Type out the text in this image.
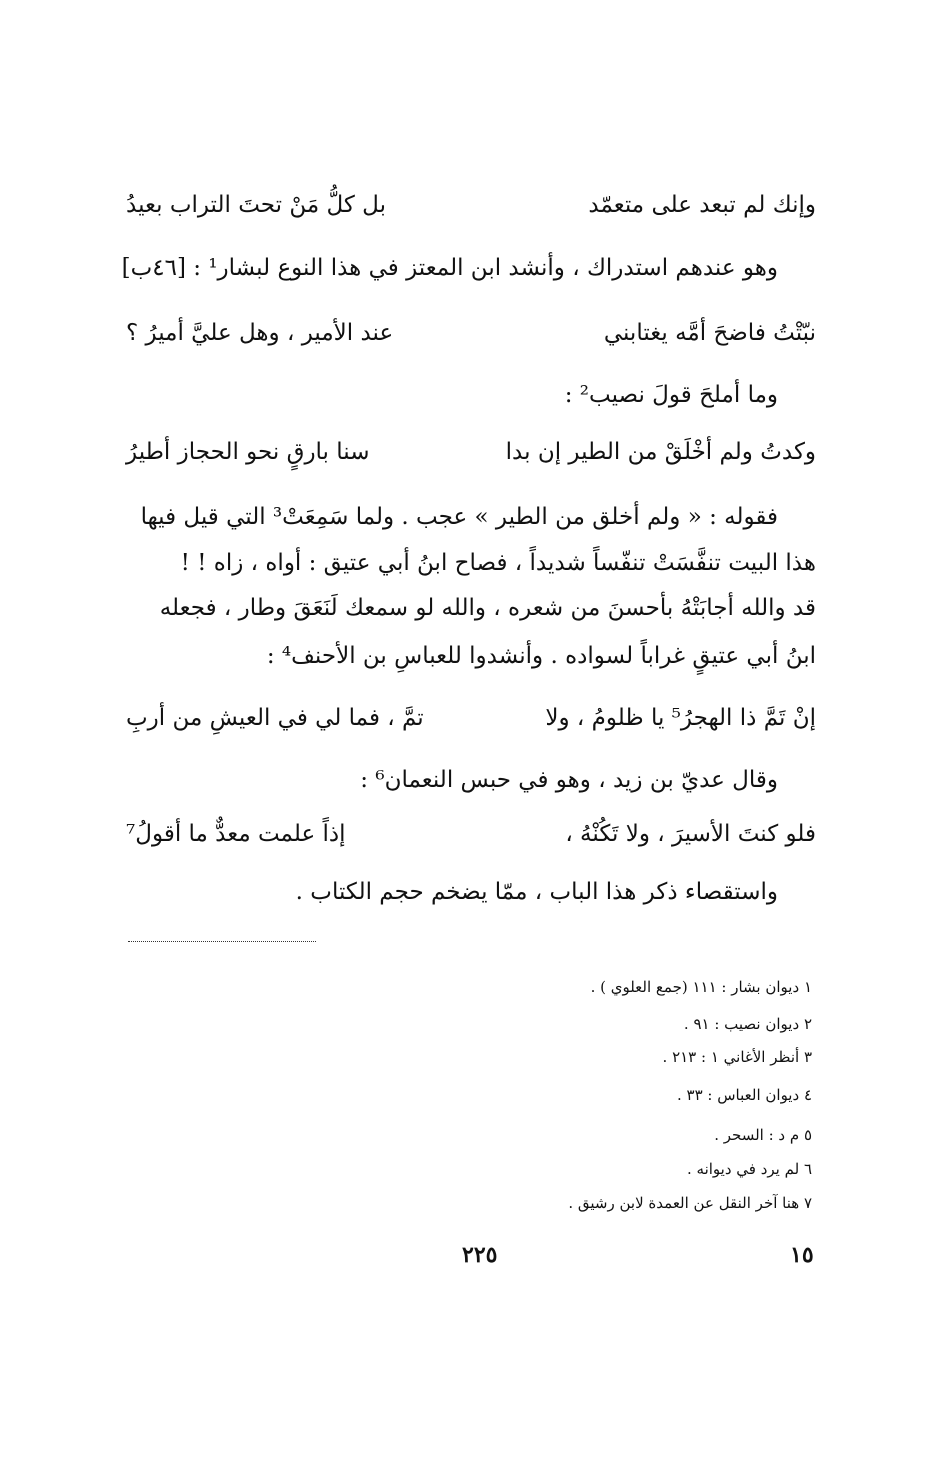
وإنك لم تبعد على متعمّد
بل كلُّ مَنْ تحتَ التراب بعيدُ
وهو عندهم استدراك ، وأنشد ابن المعتز في هذا النوع لبشار¹ : [٤٦ب]
نبّتْتُ فاضحَ أمَّه يغتابني
عند الأمير ، وهل عليَّ أميرُ ؟
وما أملحَ قولَ نصيب² :
وكدتُ ولم أخْلَقْ من الطير إن بدا
سنا بارقٍ نحو الحجاز أطيرُ
فقوله : « ولم أخلق من الطير » عجب . ولما سَمِعَتْ³ التي قيل فيها
هذا البيت تنفَّسَتْ تنفّساً شديداً ، فصاح ابنُ أبي عتيق : أواه ، زاه ! !
قد والله أجابَتْهُ بأحسنَ من شعره ، والله لو سمعك لَنَعَقَ وطار ، فجعله
ابنُ أبي عتيقٍ غراباً لسواده . وأنشدوا للعباسِ بن الأحنف⁴ :
إنْ تَمَّ ذا الهجرُ⁵ يا ظلومُ ، ولا
تمَّ ، فما لي في العيشِ من أربِ
وقال عديّ بن زيد ، وهو في حبس النعمان⁶ :
فلو كنتَ الأسيرَ ، ولا تَكُنْهُ ،
إذاً علمت معدٌّ ما أقولُ⁷
واستقصاء ذكر هذا الباب ، ممّا يضخم حجم الكتاب .
١ ديوان بشار : ١١١ (جمع العلوي ) .
٢ ديوان نصيب : ٩١ .
٣ أنظر الأغاني ١ : ٢١٣ .
٤ ديوان العباس : ٣٣ .
٥ م د : السحر .
٦ لم يرد في ديوانه .
٧ هنا آخر النقل عن العمدة لابن رشيق .
٢٢٥	١٥
